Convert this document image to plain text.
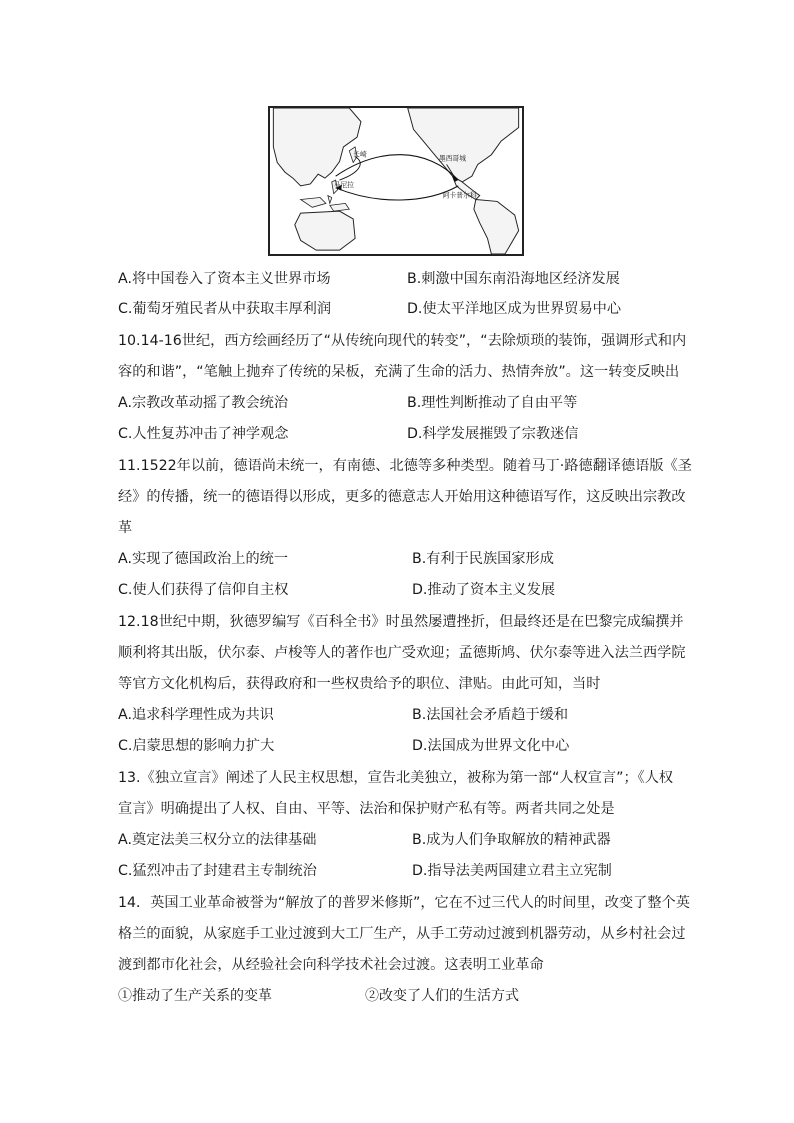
长崎	墨西哥城
马尼拉
阿卡普尔科
A.将中国卷入了资本主义世界市场	B.刺激中国东南沿海地区经济发展
C.葡萄牙殖民者从中获取丰厚利润	D.使太平洋地区成为世界贸易中心
10.14-16世纪，西方绘画经历了“从传统向现代的转变”，“去除烦琐的装饰，强调形式和内
容的和谐”，“笔触上抛弃了传统的呆板，充满了生命的活力、热情奔放”。这一转变反映出
A.宗教改革动摇了教会统治	B.理性判断推动了自由平等
C.人性复苏冲击了神学观念	D.科学发展摧毁了宗教迷信
11.1522年以前，德语尚未统一，有南德、北德等多种类型。随着马丁·路德翻译德语版《圣
经》的传播，统一的德语得以形成，更多的德意志人开始用这种德语写作，这反映出宗教改
革
A.实现了德国政治上的统一	B.有利于民族国家形成
C.使人们获得了信仰自主权	D.推动了资本主义发展
12.18世纪中期，狄德罗编写《百科全书》时虽然屡遭挫折，但最终还是在巴黎完成编撰并
顺利将其出版，伏尔泰、卢梭等人的著作也广受欢迎；孟德斯鸠、伏尔泰等进入法兰西学院
等官方文化机构后，获得政府和一些权贵给予的职位、津贴。由此可知，当时
A.追求科学理性成为共识	B.法国社会矛盾趋于缓和
C.启蒙思想的影响力扩大	D.法国成为世界文化中心
13.《独立宣言》阐述了人民主权思想，宣告北美独立，被称为第一部“人权宣言”；《人权
宣言》明确提出了人权、自由、平等、法治和保护财产私有等。两者共同之处是
A.奠定法美三权分立的法律基础	B.成为人们争取解放的精神武器
C.猛烈冲击了封建君主专制统治	D.指导法美两国建立君主立宪制
14．英国工业革命被誉为“解放了的普罗米修斯”，它在不过三代人的时间里，改变了整个英
格兰的面貌，从家庭手工业过渡到大工厂生产，从手工劳动过渡到机器劳动，从乡村社会过
渡到都市化社会，从经验社会向科学技术社会过渡。这表明工业革命
①推动了生产关系的变革	②改变了人们的生活方式
